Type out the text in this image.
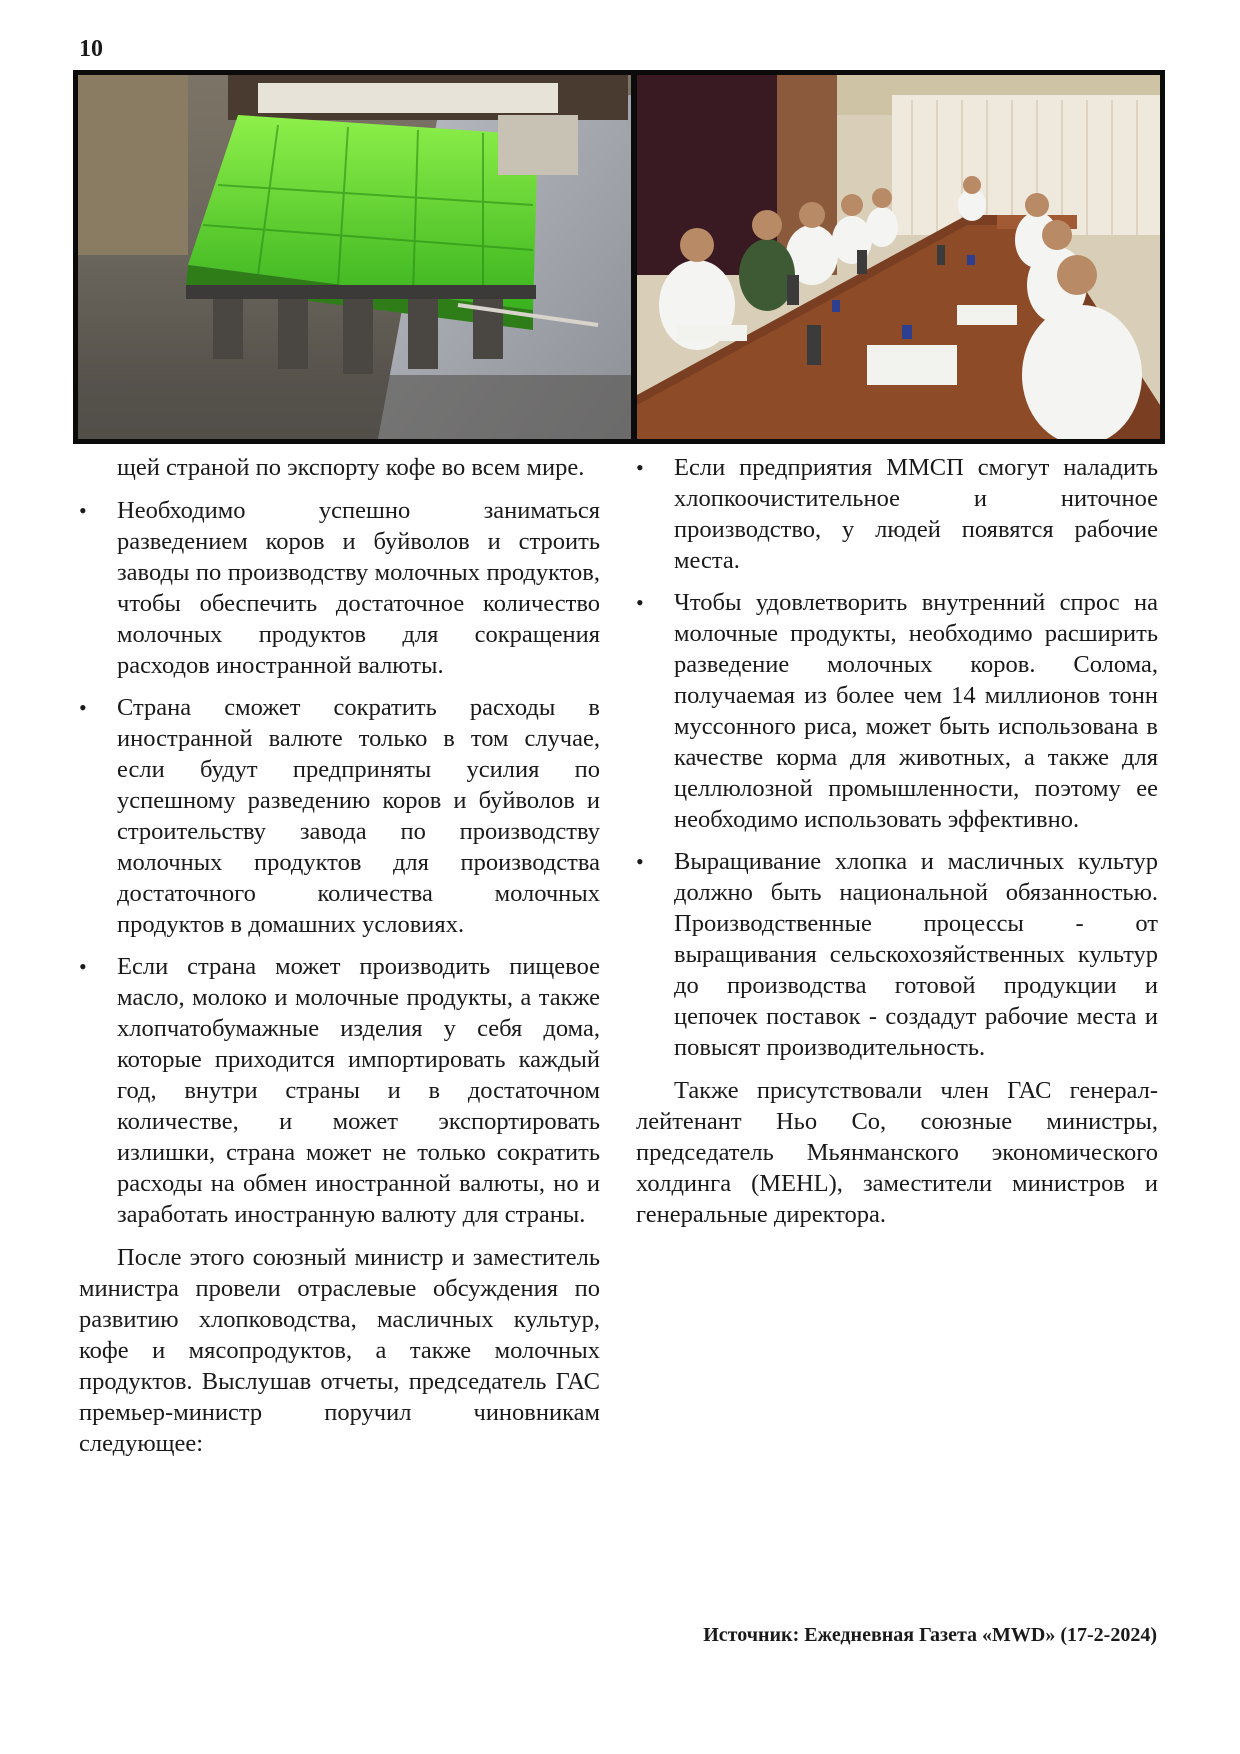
10

щей страной по экспорту кофе во всем мире.

• Необходимо успешно заниматься разведением коров и буйволов и строить заводы по производству молочных продуктов, чтобы обеспечить достаточное количество молочных продуктов для сокращения расходов иностранной валюты.
• Страна сможет сократить расходы в иностранной валюте только в том случае, если будут предприняты усилия по успешному разведению коров и буйволов и строительству завода по производству молочных продуктов для производства достаточного количества молочных продуктов в домашних условиях.
• Если страна может производить пищевое масло, молоко и молочные продукты, а также хлопчатобумажные изделия у себя дома, которые приходится импортировать каждый год, внутри страны и в достаточном количестве, и может экспортировать излишки, страна может не только сократить расходы на обмен иностранной валюты, но и заработать иностранную валюту для страны.

После этого союзный министр и заместитель министра провели отраслевые обсуждения по развитию хлопководства, масличных культур, кофе и мясопродуктов, а также молочных продуктов. Выслушав отчеты, председатель ГАС премьер-министр поручил чиновникам следующее:

• Если предприятия ММСП смогут наладить хлопкоочистительное и ниточное производство, у людей появятся рабочие места.
• Чтобы удовлетворить внутренний спрос на молочные продукты, необходимо расширить разведение молочных коров. Солома, получаемая из более чем 14 миллионов тонн муссонного риса, может быть использована в качестве корма для животных, а также для целлюлозной промышленности, поэтому ее необходимо использовать эффективно.
• Выращивание хлопка и масличных культур должно быть национальной обязанностью. Производственные процессы - от выращивания сельскохозяйственных культур до производства готовой продукции и цепочек поставок - создадут рабочие места и повысят производительность.

Также присутствовали член ГАС генерал-лейтенант Ньо Со, союзные министры, председатель Мьянманского экономического холдинга (MEHL), заместители министров и генеральные директора.

Источник: Ежедневная Газета «MWD» (17-2-2024)
